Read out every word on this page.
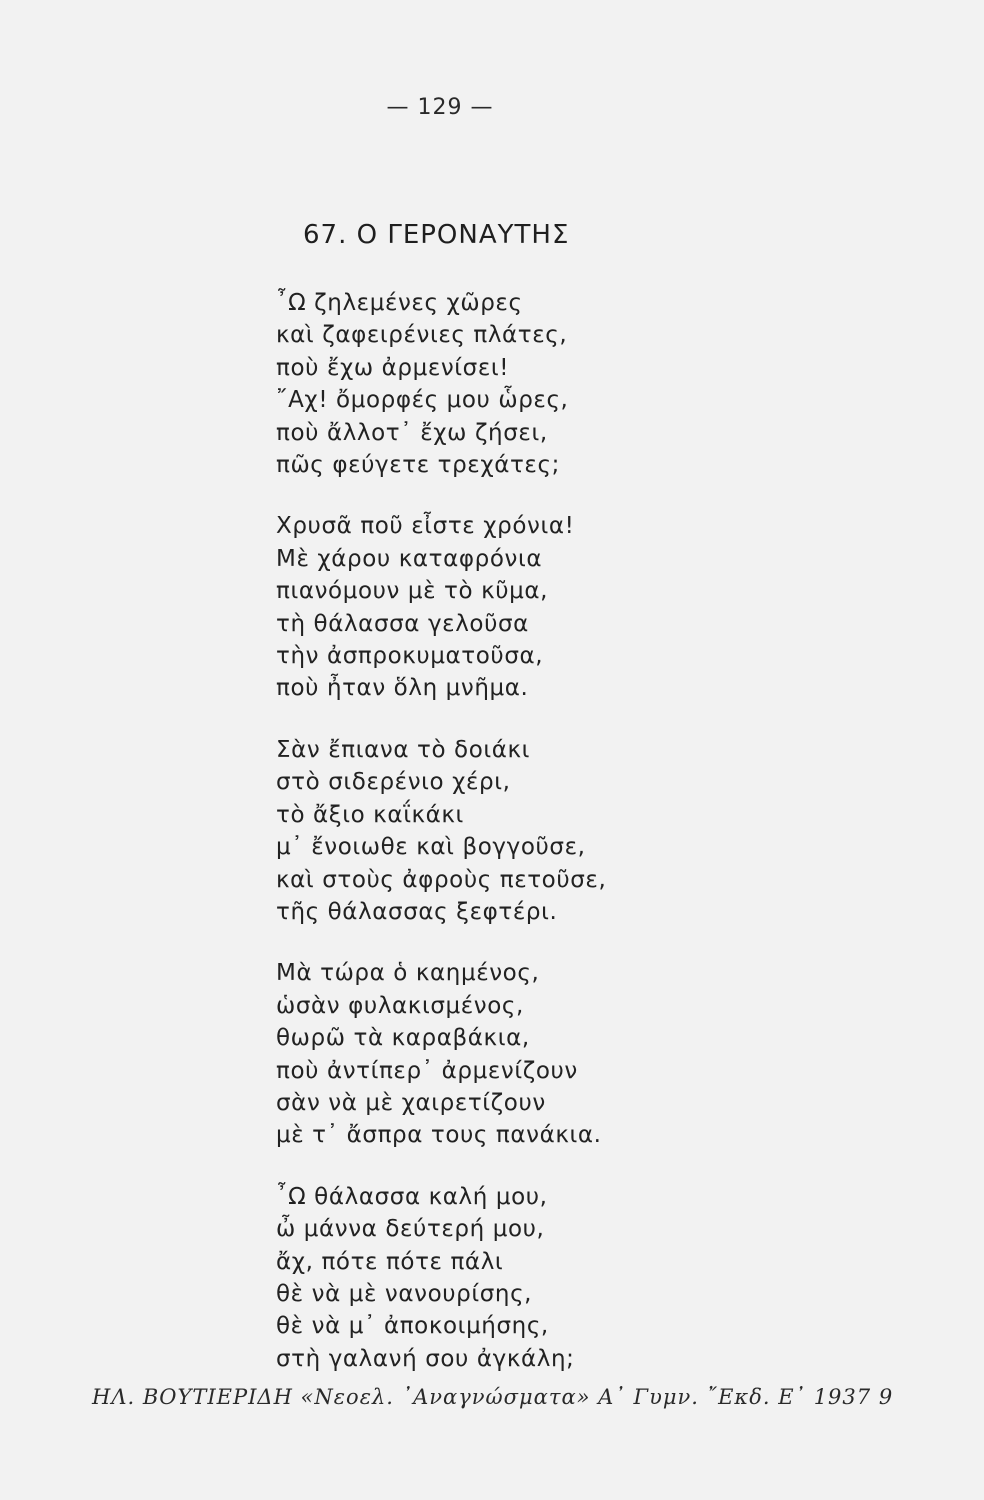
— 129 —
67. Ο ΓΕΡΟΝΑΥΤΗΣ
῏Ω ζηλεμένες χῶρες
καὶ ζαφειρένιες πλάτες,
ποὺ ἔχω ἀρμενίσει!
῎Αχ! ὄμορφές μου ὧρες,
ποὺ ἄλλοτ᾽ ἔχω ζήσει,
πῶς φεύγετε τρεχάτες;
Χρυσᾶ ποῦ εἶστε χρόνια!
Μὲ χάρου καταφρόνια
πιανόμουν μὲ τὸ κῦμα,
τὴ θάλασσα γελοῦσα
τὴν ἀσπροκυματοῦσα,
ποὺ ἦταν ὅλη μνῆμα.
Σὰν ἔπιανα τὸ δοιάκι
στὸ σιδερένιο χέρι,
τὸ ἄξιο καΐκάκι
μ᾽ ἔνοιωθε καὶ βογγοῦσε,
καὶ στοὺς ἀφροὺς πετοῦσε,
τῆς θάλασσας ξεφτέρι.
Μὰ τώρα ὁ καημένος,
ὡσὰν φυλακισμένος,
θωρῶ τὰ καραβάκια,
ποὺ ἀντίπερ᾽ ἀρμενίζουν
σὰν νὰ μὲ χαιρετίζουν
μὲ τ᾽ ἄσπρα τους πανάκια.
῏Ω θάλασσα καλή μου,
ὦ μάννα δεύτερή μου,
ἄχ, πότε πότε πάλι
θὲ νὰ μὲ νανουρίσης,
θὲ νὰ μ᾽ ἀποκοιμήσης,
στὴ γαλανή σου ἀγκάλη;
ΗΛ. ΒΟΥΤΙΕΡΙΔΗ «Νεοελ. ᾽Αναγνώσματα» Α᾽ Γυμν. ῎Εκδ. Ε᾽ 1937 9
